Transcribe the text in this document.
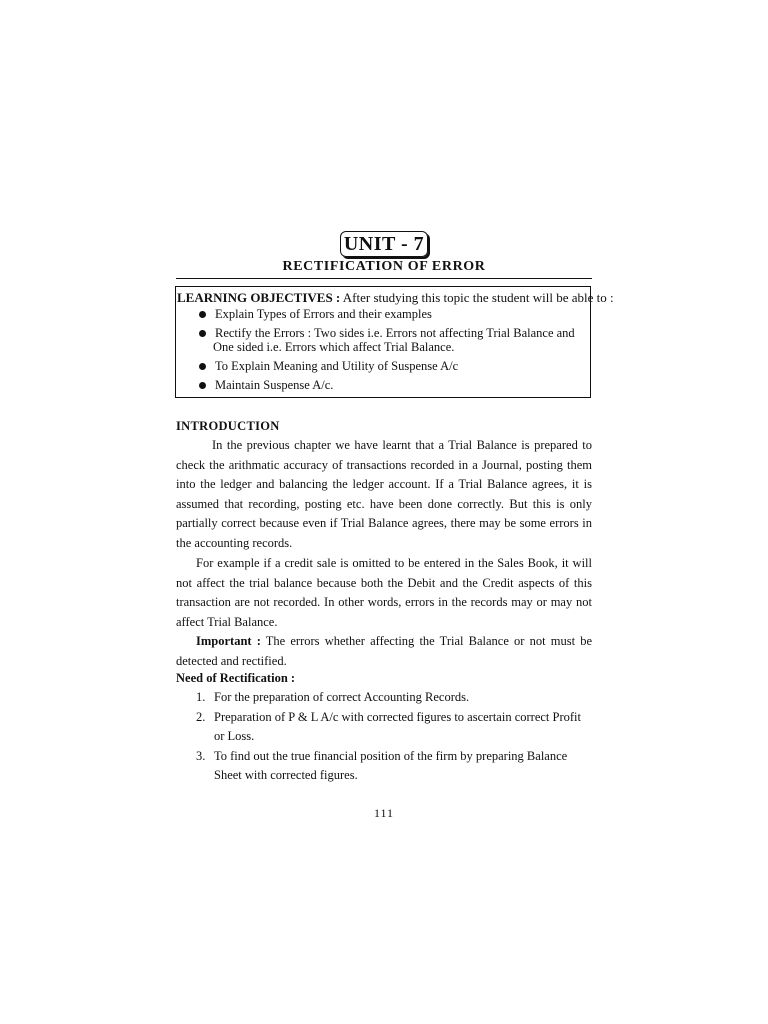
UNIT - 7
RECTIFICATION OF ERROR
LEARNING OBJECTIVES : After studying this topic the student will be able to :
Explain Types of Errors and their examples
Rectify the Errors : Two sides i.e. Errors not affecting Trial Balance and
One sided i.e. Errors which affect Trial Balance.
To Explain Meaning and Utility of Suspense A/c
Maintain Suspense A/c.
INTRODUCTION
In the previous chapter we have learnt that a Trial Balance is prepared to check the arithmatic accuracy of transactions recorded in a Journal, posting them into the ledger and balancing the ledger account. If a Trial Balance agrees, it is assumed that recording, posting etc. have been done correctly. But this is only partially correct because even if Trial Balance agrees, there may be some errors in the accounting records.
For example if a credit sale is omitted to be entered in the Sales Book, it will not affect the trial balance because both the Debit and the Credit aspects of this transaction are not recorded. In other words, errors in the records may or may not affect Trial Balance.
Important : The errors whether affecting the Trial Balance or not must be detected and rectified.
Need of Rectification :
1. For the preparation of correct Accounting Records.
2. Preparation of P & L A/c with corrected figures to ascertain correct Profit or Loss.
3. To find out the true financial position of the firm by preparing Balance Sheet with corrected figures.
111
